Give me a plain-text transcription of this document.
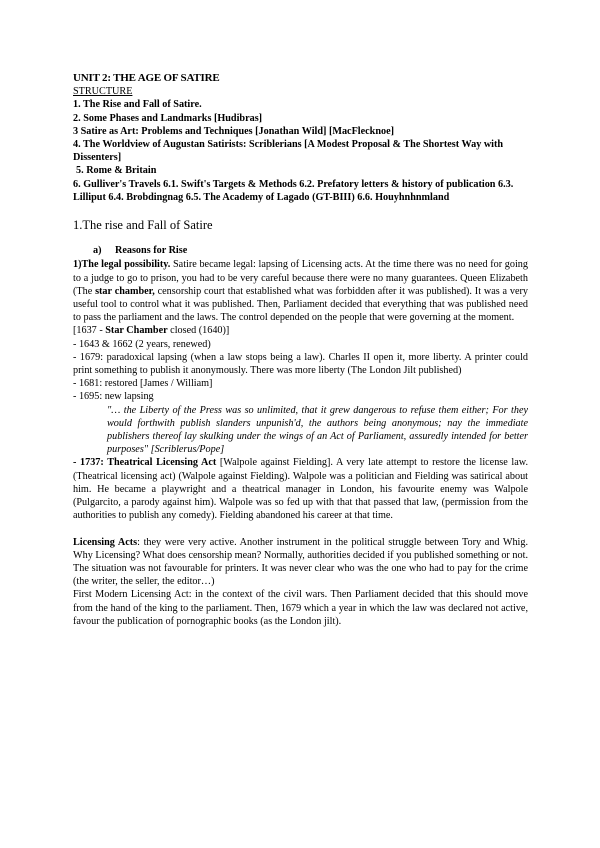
UNIT 2: THE AGE OF SATIRE
STRUCTURE
1. The Rise and Fall of Satire.
2. Some Phases and Landmarks [Hudibras]
3 Satire as Art: Problems and Techniques [Jonathan Wild] [MacFlecknoe]
4. The Worldview of Augustan Satirists: Scriblerians [A Modest Proposal & The Shortest Way with Dissenters]
5. Rome & Britain
6. Gulliver's Travels 6.1. Swift's Targets & Methods 6.2. Prefatory letters & history of publication 6.3. Lilliput 6.4. Brobdingnag 6.5. The Academy of Lagado (GT-BIII) 6.6. Houyhnhnmland
1.The rise and Fall of Satire
a) Reasons for Rise

1)The legal possibility. Satire became legal: lapsing of Licensing acts. At the time there was no need for going to a judge to go to prison, you had to be very careful because there were no many guarantees. Queen Elizabeth (The star chamber, censorship court that established what was forbidden after it was published). It was a very useful tool to control what it was published. Then, Parliament decided that everything that was published need to pass the parliament and the laws. The control depended on the people that were governing at the moment.

[1637 - Star Chamber closed (1640)]
- 1643 & 1662 (2 years, renewed)

- 1679: paradoxical lapsing (when a law stops being a law). Charles II open it, more liberty. A printer could print something to publish it anonymously. There was more liberty (The London Jilt published)

- 1681: restored [James / William]
- 1695: new lapsing

"… the Liberty of the Press was so unlimited, that it grew dangerous to refuse them either; For they would forthwith publish slanders unpunish'd, the authors being anonymous; nay the immediate publishers thereof lay skulking under the wings of an Act of Parliament, assuredly intended for better purposes" [Scriblerus/Pope]

- 1737: Theatrical Licensing Act [Walpole against Fielding]. A very late attempt to restore the license law. (Theatrical licensing act) (Walpole against Fielding). Walpole was a politician and Fielding was satirical about him. He became a playwright and a theatrical manager in London, his favourite enemy was Walpole (Pulgarcito, a parody against him). Walpole was so fed up with that that passed that law, (permission from the authorities to publish any comedy). Fielding abandoned his career at that time.

Licensing Acts: they were very active. Another instrument in the political struggle between Tory and Whig. Why Licensing? What does censorship mean? Normally, authorities decided if you published something or not. The situation was not favourable for printers. It was never clear who was the one who had to pay for the crime (the writer, the seller, the editor…)

First Modern Licensing Act: in the context of the civil wars. Then Parliament decided that this should move from the hand of the king to the parliament. Then, 1679 which a year in which the law was declared not active, favour the publication of pornographic books (as the London jilt).
